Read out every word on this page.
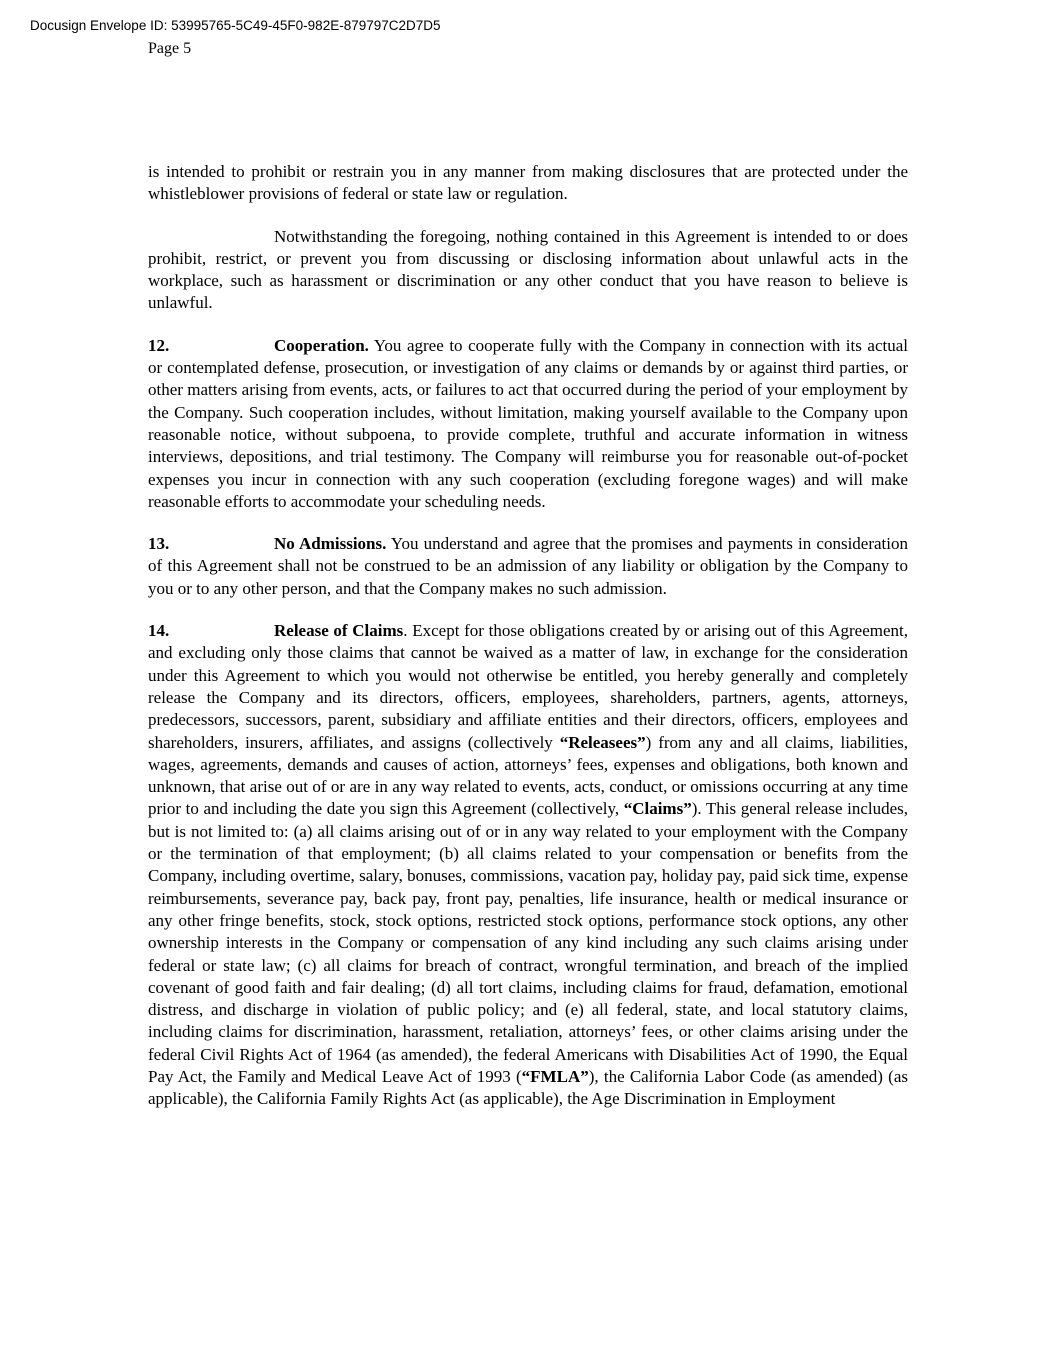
Docusign Envelope ID: 53995765-5C49-45F0-982E-879797C2D7D5
Page 5

is intended to prohibit or restrain you in any manner from making disclosures that are protected under the whistleblower provisions of federal or state law or regulation.

Notwithstanding the foregoing, nothing contained in this Agreement is intended to or does prohibit, restrict, or prevent you from discussing or disclosing information about unlawful acts in the workplace, such as harassment or discrimination or any other conduct that you have reason to believe is unlawful.

12.	Cooperation. You agree to cooperate fully with the Company in connection with its actual or contemplated defense, prosecution, or investigation of any claims or demands by or against third parties, or other matters arising from events, acts, or failures to act that occurred during the period of your employment by the Company. Such cooperation includes, without limitation, making yourself available to the Company upon reasonable notice, without subpoena, to provide complete, truthful and accurate information in witness interviews, depositions, and trial testimony. The Company will reimburse you for reasonable out-of-pocket expenses you incur in connection with any such cooperation (excluding foregone wages) and will make reasonable efforts to accommodate your scheduling needs.

13.	No Admissions. You understand and agree that the promises and payments in consideration of this Agreement shall not be construed to be an admission of any liability or obligation by the Company to you or to any other person, and that the Company makes no such admission.

14.	Release of Claims. Except for those obligations created by or arising out of this Agreement, and excluding only those claims that cannot be waived as a matter of law, in exchange for the consideration under this Agreement to which you would not otherwise be entitled, you hereby generally and completely release the Company and its directors, officers, employees, shareholders, partners, agents, attorneys, predecessors, successors, parent, subsidiary and affiliate entities and their directors, officers, employees and shareholders, insurers, affiliates, and assigns (collectively “Releasees”) from any and all claims, liabilities, wages, agreements, demands and causes of action, attorneys’ fees, expenses and obligations, both known and unknown, that arise out of or are in any way related to events, acts, conduct, or omissions occurring at any time prior to and including the date you sign this Agreement (collectively, “Claims”). This general release includes, but is not limited to: (a) all claims arising out of or in any way related to your employment with the Company or the termination of that employment; (b) all claims related to your compensation or benefits from the Company, including overtime, salary, bonuses, commissions, vacation pay, holiday pay, paid sick time, expense reimbursements, severance pay, back pay, front pay, penalties, life insurance, health or medical insurance or any other fringe benefits, stock, stock options, restricted stock options, performance stock options, any other ownership interests in the Company or compensation of any kind including any such claims arising under federal or state law; (c) all claims for breach of contract, wrongful termination, and breach of the implied covenant of good faith and fair dealing; (d) all tort claims, including claims for fraud, defamation, emotional distress, and discharge in violation of public policy; and (e) all federal, state, and local statutory claims, including claims for discrimination, harassment, retaliation, attorneys’ fees, or other claims arising under the federal Civil Rights Act of 1964 (as amended), the federal Americans with Disabilities Act of 1990, the Equal Pay Act, the Family and Medical Leave Act of 1993 (“FMLA”), the California Labor Code (as amended) (as applicable), the California Family Rights Act (as applicable), the Age Discrimination in Employment
